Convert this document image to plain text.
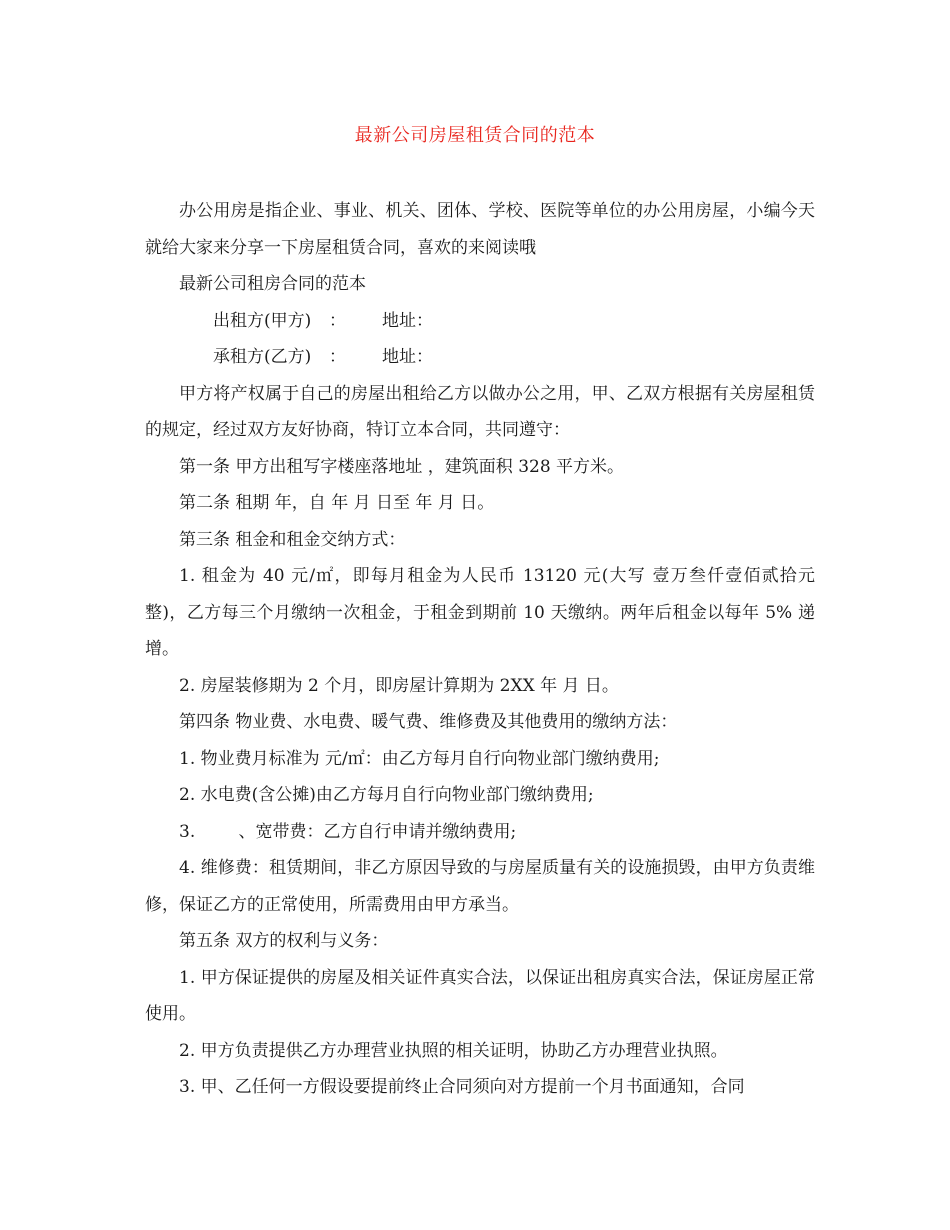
最新公司房屋租赁合同的范本

办公用房是指企业、事业、机关、团体、学校、医院等单位的办公用房屋，小编今天就给大家来分享一下房屋租赁合同，喜欢的来阅读哦

最新公司租房合同的范本

出租方(甲方) ： 地址：

承租方(乙方) ： 地址：

甲方将产权属于自己的房屋出租给乙方以做办公之用，甲、乙双方根据有关房屋租赁的规定，经过双方友好协商，特订立本合同，共同遵守：

第一条 甲方出租写字楼座落地址 ，建筑面积 328 平方米。

第二条 租期 年，自 年 月 日至 年 月 日。

第三条 租金和租金交纳方式：

1. 租金为 40 元/㎡，即每月租金为人民币 13120 元(大写 壹万叁仟壹佰贰拾元整)，乙方每三个月缴纳一次租金，于租金到期前 10 天缴纳。两年后租金以每年 5% 递增。

2. 房屋装修期为 2 个月，即房屋计算期为 2XX 年 月 日。

第四条 物业费、水电费、暖气费、维修费及其他费用的缴纳方法：

1. 物业费月标准为 元/㎡：由乙方每月自行向物业部门缴纳费用;

2. 水电费(含公摊)由乙方每月自行向物业部门缴纳费用;

3.        、宽带费：乙方自行申请并缴纳费用;

4. 维修费：租赁期间，非乙方原因导致的与房屋质量有关的设施损毁，由甲方负责维修，保证乙方的正常使用，所需费用由甲方承当。

第五条 双方的权利与义务：

1. 甲方保证提供的房屋及相关证件真实合法，以保证出租房真实合法，保证房屋正常使用。

2. 甲方负责提供乙方办理营业执照的相关证明，协助乙方办理营业执照。

3. 甲、乙任何一方假设要提前终止合同须向对方提前一个月书面通知，合同
